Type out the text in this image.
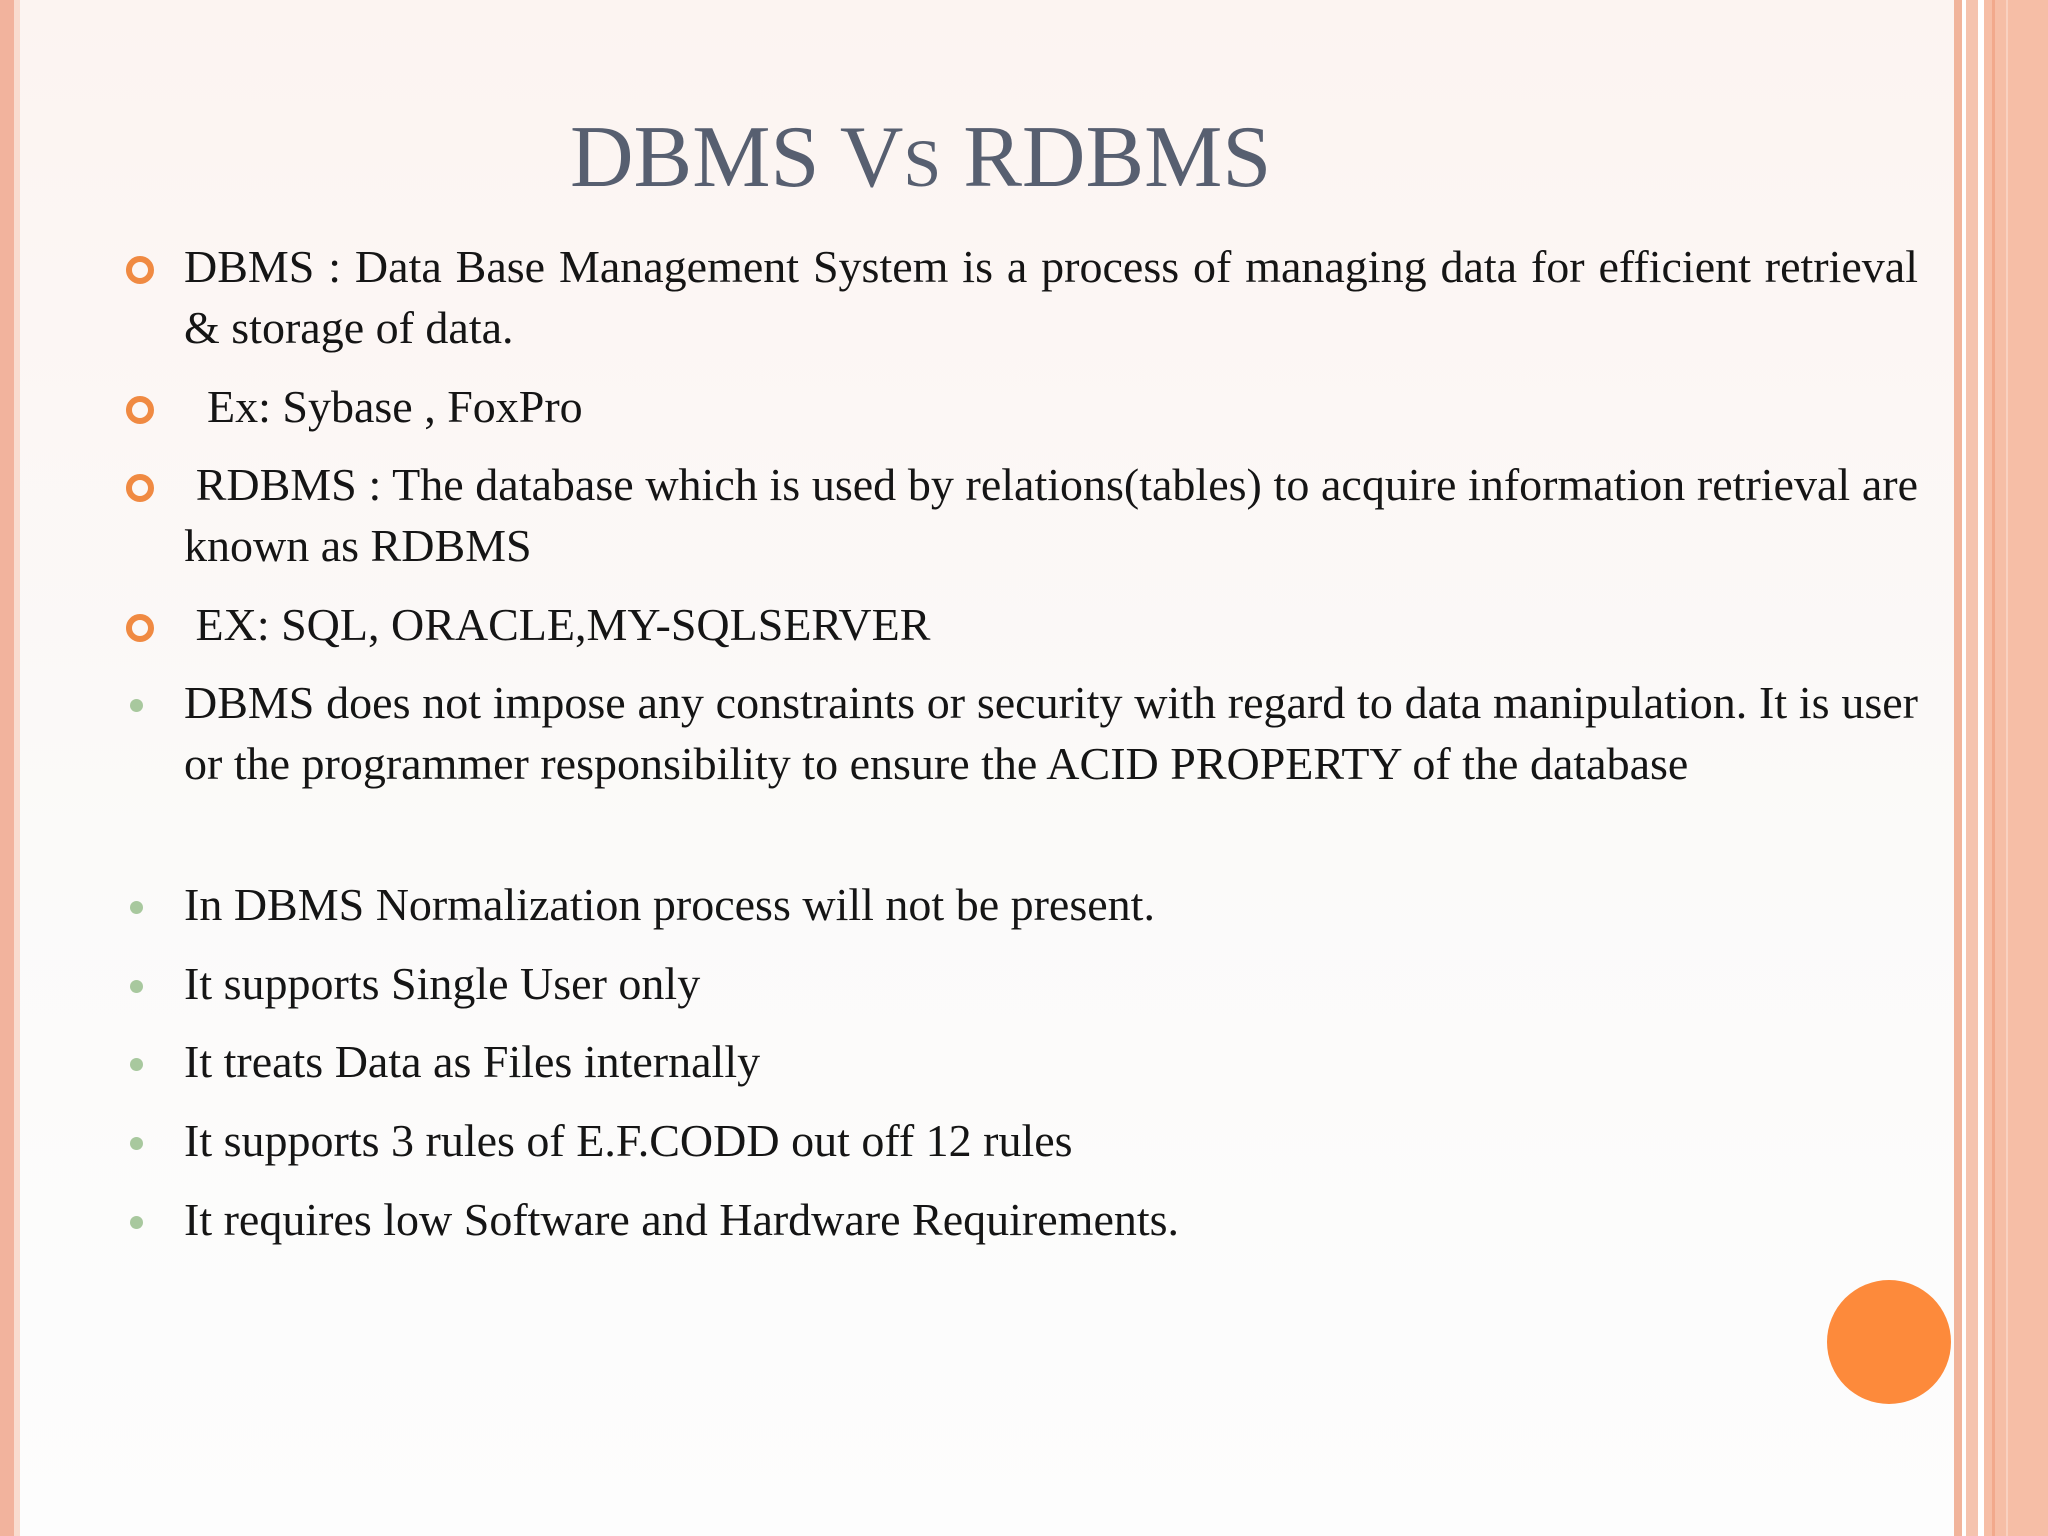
DBMS VS RDBMS
DBMS : Data Base Management System is a process of managing data for efficient retrieval & storage of data.
Ex: Sybase , FoxPro
RDBMS : The database which is used by relations(tables) to acquire information retrieval are known as RDBMS
EX: SQL, ORACLE,MY-SQLSERVER
DBMS does not impose any constraints or security with regard to data manipulation. It is user or the programmer responsibility to ensure the ACID PROPERTY of the database
In DBMS Normalization process will not be present.
It supports Single User only
It treats Data as Files internally
It supports 3 rules of E.F.CODD out off 12 rules
It requires low Software and Hardware Requirements.
